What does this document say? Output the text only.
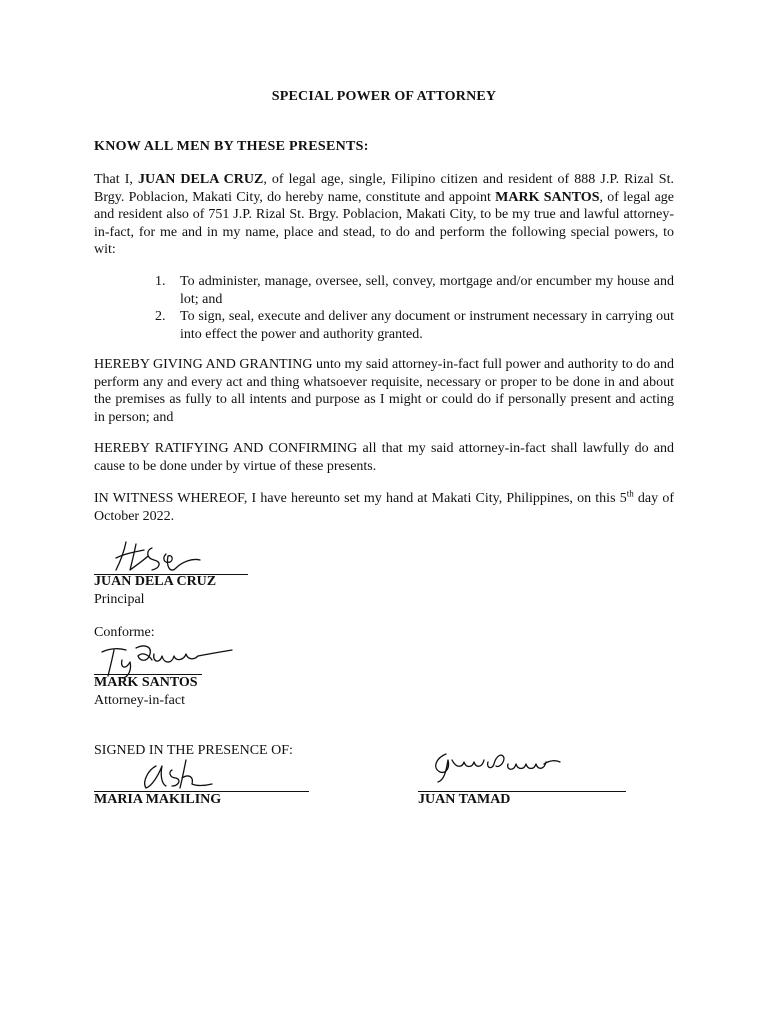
SPECIAL POWER OF ATTORNEY
KNOW ALL MEN BY THESE PRESENTS:
That I, JUAN DELA CRUZ, of legal age, single, Filipino citizen and resident of 888 J.P. Rizal St. Brgy. Poblacion, Makati City, do hereby name, constitute and appoint MARK SANTOS, of legal age and resident also of 751 J.P. Rizal St. Brgy. Poblacion, Makati City, to be my true and lawful attorney-in-fact, for me and in my name, place and stead, to do and perform the following special powers, to wit:
1. To administer, manage, oversee, sell, convey, mortgage and/or encumber my house and lot; and
2. To sign, seal, execute and deliver any document or instrument necessary in carrying out into effect the power and authority granted.
HEREBY GIVING AND GRANTING unto my said attorney-in-fact full power and authority to do and perform any and every act and thing whatsoever requisite, necessary or proper to be done in and about the premises as fully to all intents and purpose as I might or could do if personally present and acting in person; and
HEREBY RATIFYING AND CONFIRMING all that my said attorney-in-fact shall lawfully do and cause to be done under by virtue of these presents.
IN WITNESS WHEREOF, I have hereunto set my hand at Makati City, Philippines, on this 5th day of October 2022.
JUAN DELA CRUZ
Principal
Conforme:
MARK SANTOS
Attorney-in-fact
SIGNED IN THE PRESENCE OF:
MARIA MAKILING	JUAN TAMAD
